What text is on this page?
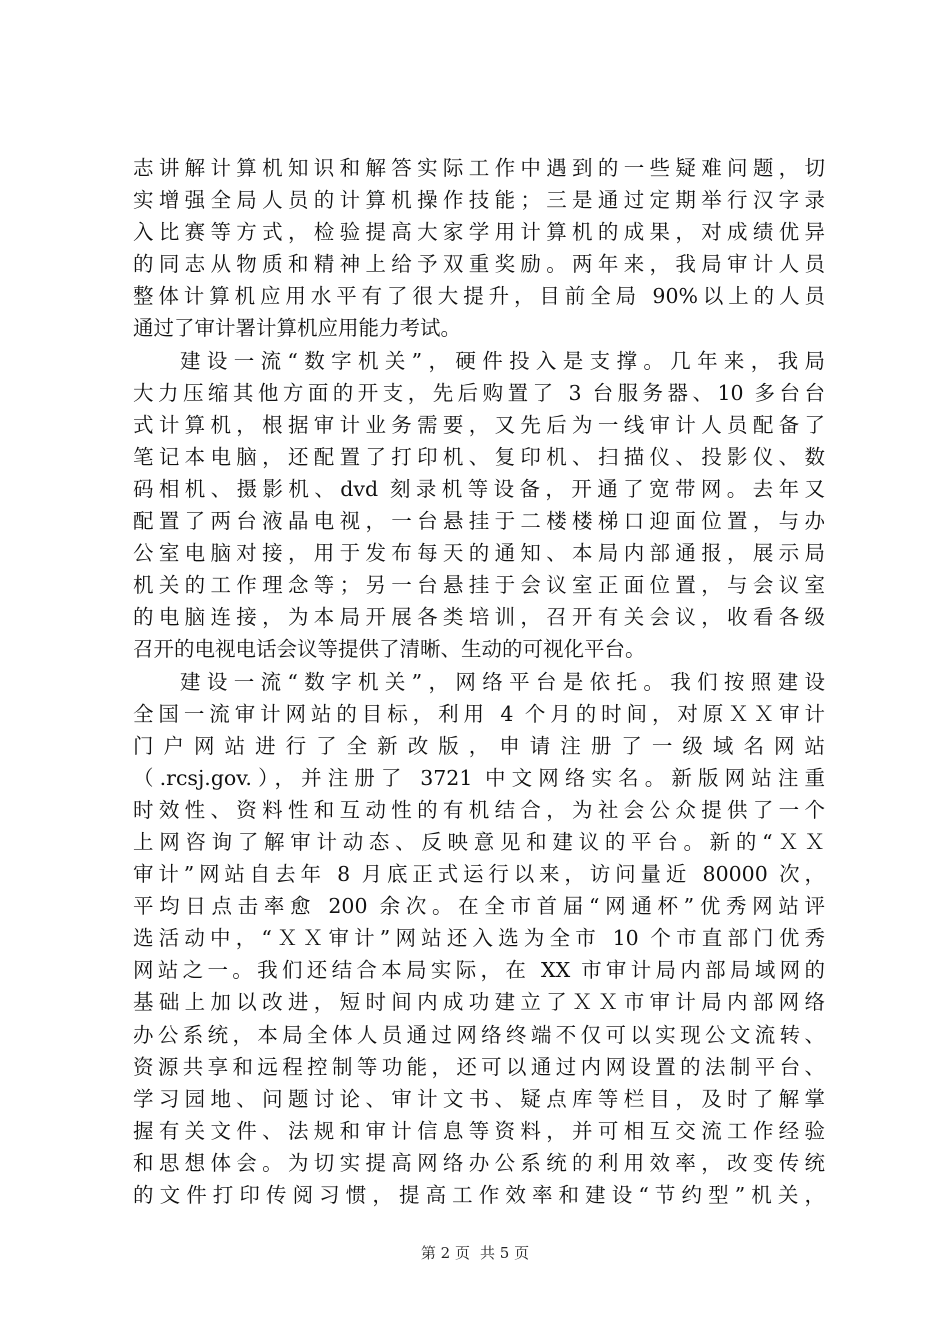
志讲解计算机知识和解答实际工作中遇到的一些疑难问题，切
实增强全局人员的计算机操作技能；三是通过定期举行汉字录
入比赛等方式，检验提高大家学用计算机的成果，对成绩优异
的同志从物质和精神上给予双重奖励。两年来，我局审计人员
整体计算机应用水平有了很大提升，目前全局 90%以上的人员
通过了审计署计算机应用能力考试。
建设一流“数字机关”，硬件投入是支撑。几年来，我局
大力压缩其他方面的开支，先后购置了 3 台服务器、10 多台台
式计算机，根据审计业务需要，又先后为一线审计人员配备了
笔记本电脑，还配置了打印机、复印机、扫描仪、投影仪、数
码相机、摄影机、dvd 刻录机等设备，开通了宽带网。去年又
配置了两台液晶电视，一台悬挂于二楼楼梯口迎面位置，与办
公室电脑对接，用于发布每天的通知、本局内部通报，展示局
机关的工作理念等；另一台悬挂于会议室正面位置，与会议室
的电脑连接，为本局开展各类培训，召开有关会议，收看各级
召开的电视电话会议等提供了清晰、生动的可视化平台。
建设一流“数字机关”，网络平台是依托。我们按照建设
全国一流审计网站的目标，利用 4 个月的时间，对原ＸＸ审计
门户网站进行了全新改版，申请注册了一级域名网站
（.rcsj.gov.），并注册了 3721 中文网络实名。新版网站注重
时效性、资料性和互动性的有机结合，为社会公众提供了一个
上网咨询了解审计动态、反映意见和建议的平台。新的“ＸＸ
审计”网站自去年 8 月底正式运行以来，访问量近 80000 次，
平均日点击率愈 200 余次。在全市首届“网通杯”优秀网站评
选活动中，“ＸＸ审计”网站还入选为全市 10 个市直部门优秀
网站之一。我们还结合本局实际，在 XX 市审计局内部局域网的
基础上加以改进，短时间内成功建立了ＸＸ市审计局内部网络
办公系统，本局全体人员通过网络终端不仅可以实现公文流转、
资源共享和远程控制等功能，还可以通过内网设置的法制平台、
学习园地、问题讨论、审计文书、疑点库等栏目，及时了解掌
握有关文件、法规和审计信息等资料，并可相互交流工作经验
和思想体会。为切实提高网络办公系统的利用效率，改变传统
的文件打印传阅习惯，提高工作效率和建设“节约型”机关，
第 2 页 共 5 页
